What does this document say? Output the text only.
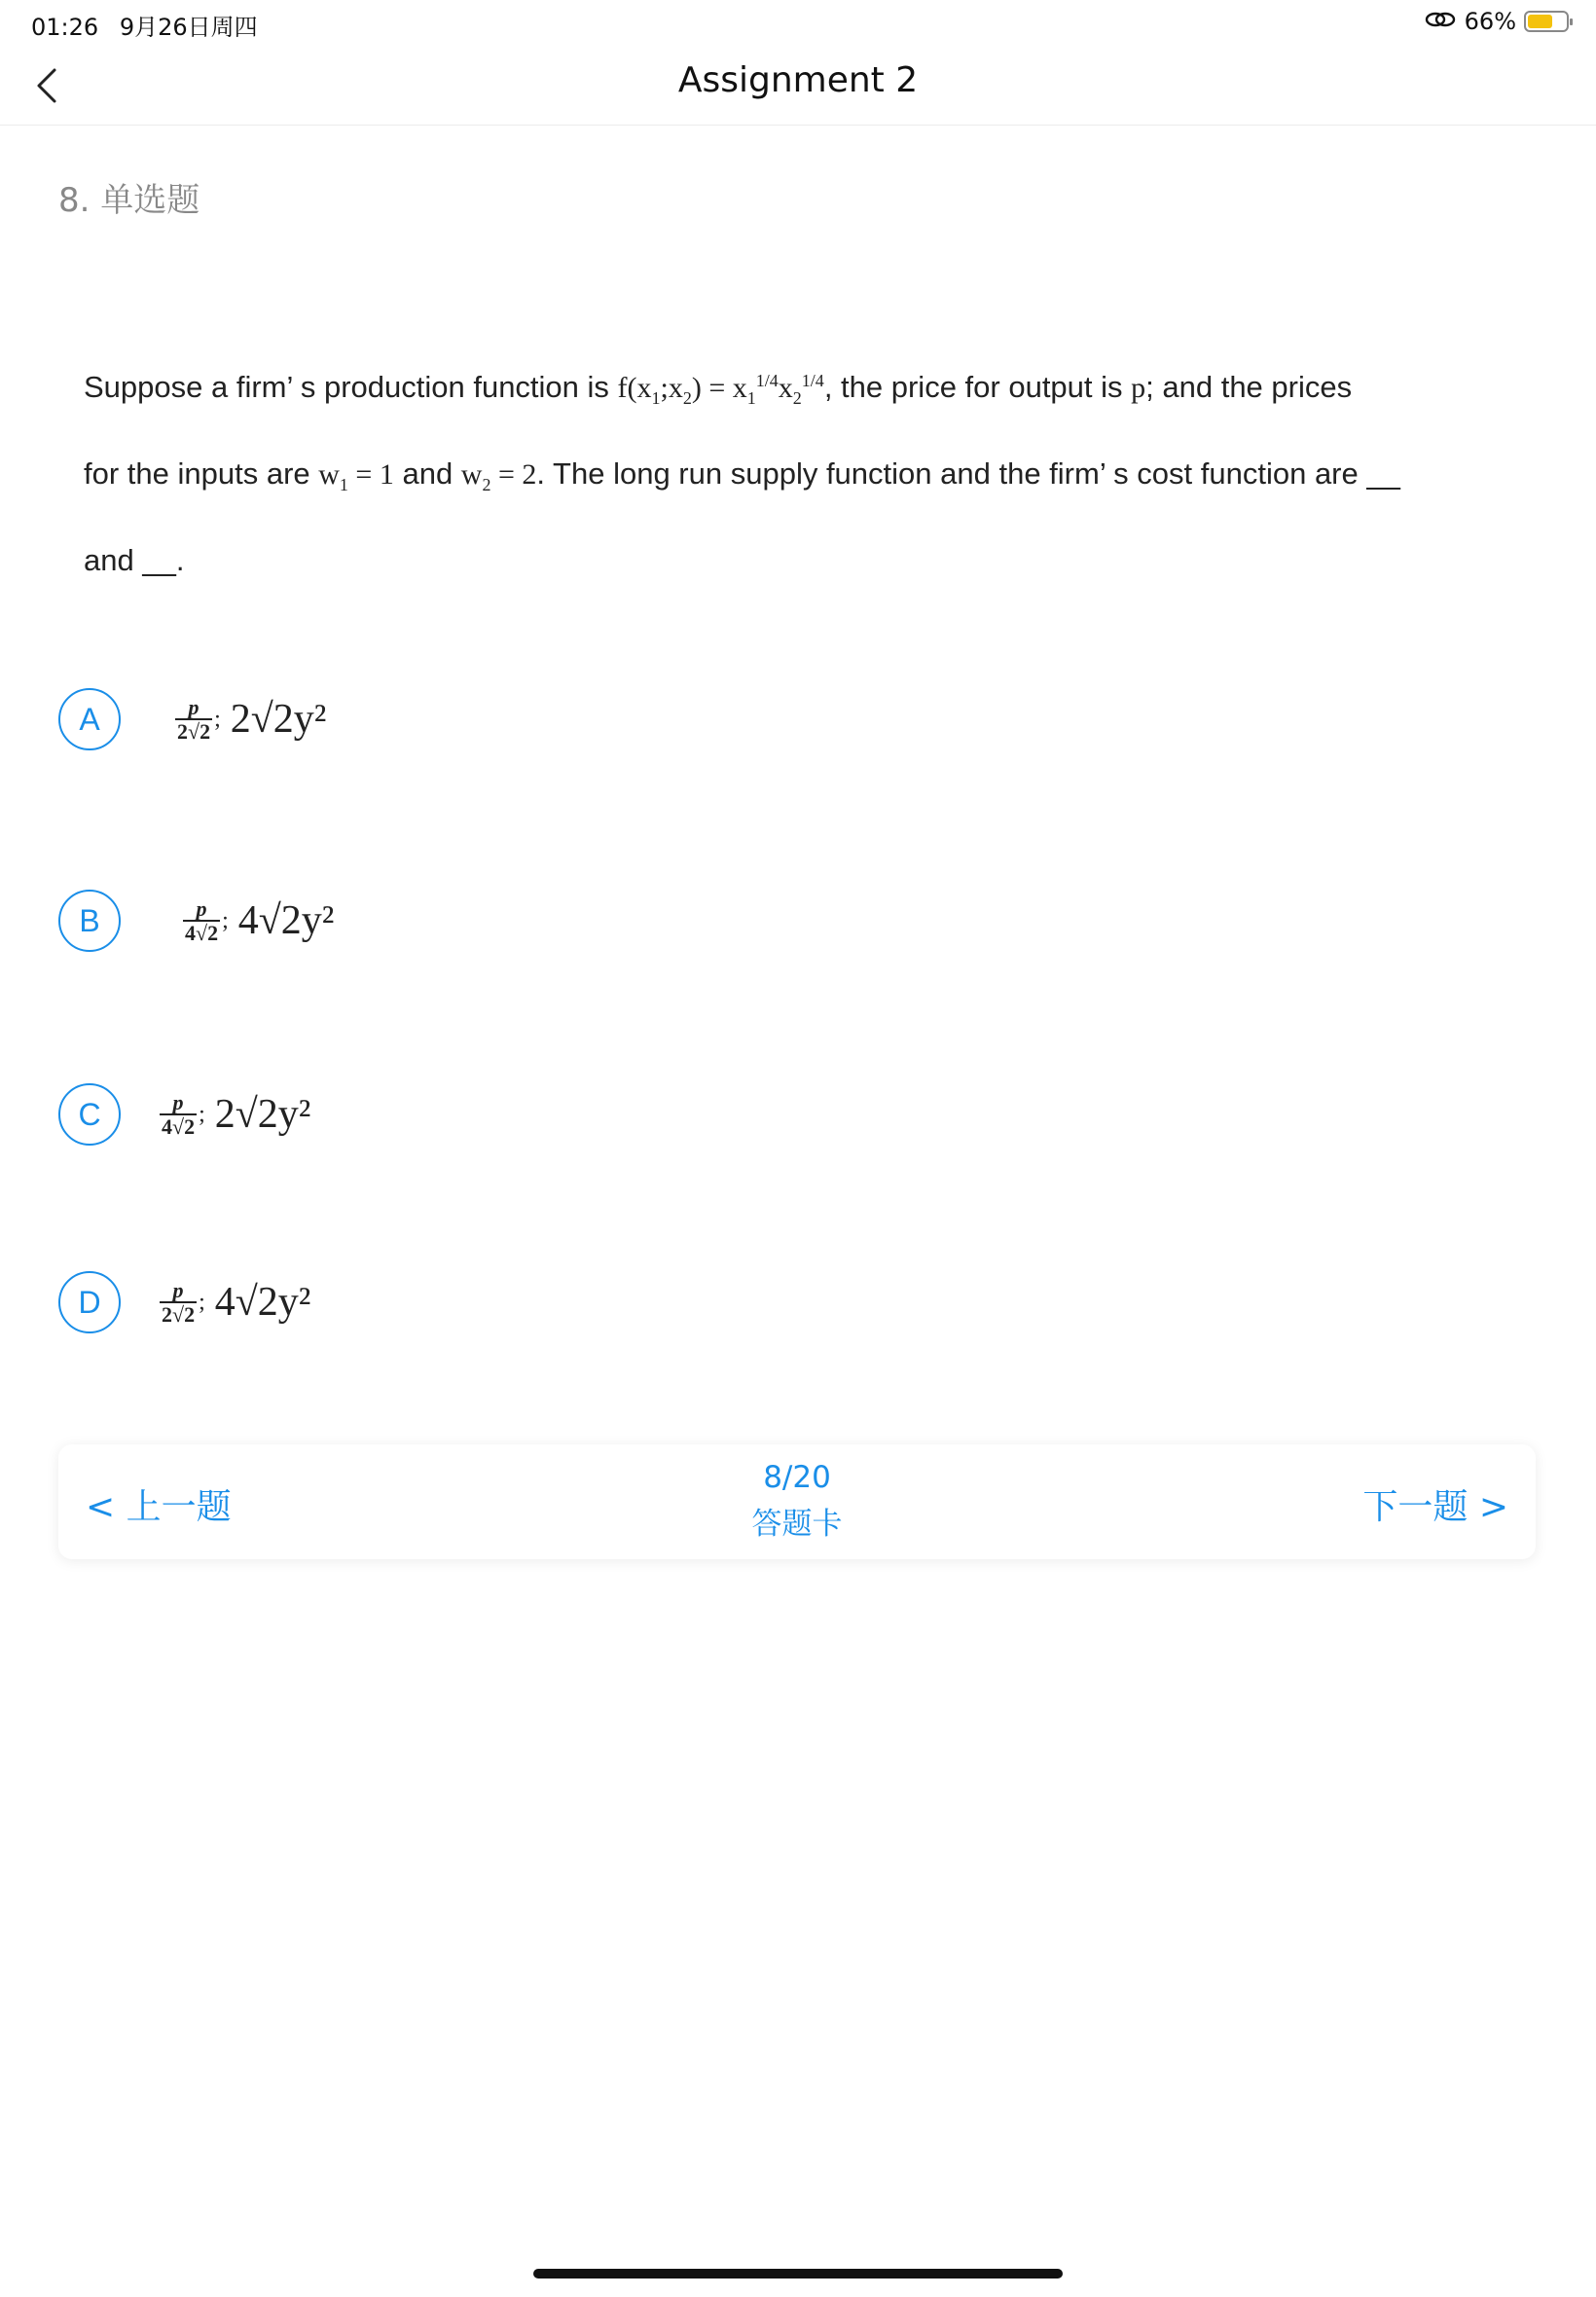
01:26 9月26日周四	66%
Assignment 2
8. 单选题
Suppose a firm’ s production function is $f(x_1;x_2) = x_1^{1/4}x_2^{1/4}$, the price for output is p; and the prices
for the inputs are $w_1 = 1$ and $w_2 = 2$. The long run supply function and the firm’ s cost function are __
and __.
A	$\frac{p}{2√2}$ ; 2√2y²
B	$\frac{p}{4√2}$ ; 4√2y²
C	$\frac{p}{4√2}$ ; 2√2y²
D	$\frac{p}{2√2}$ ; 4√2y²
< 上一题
8/20
答题卡	下一题 >
